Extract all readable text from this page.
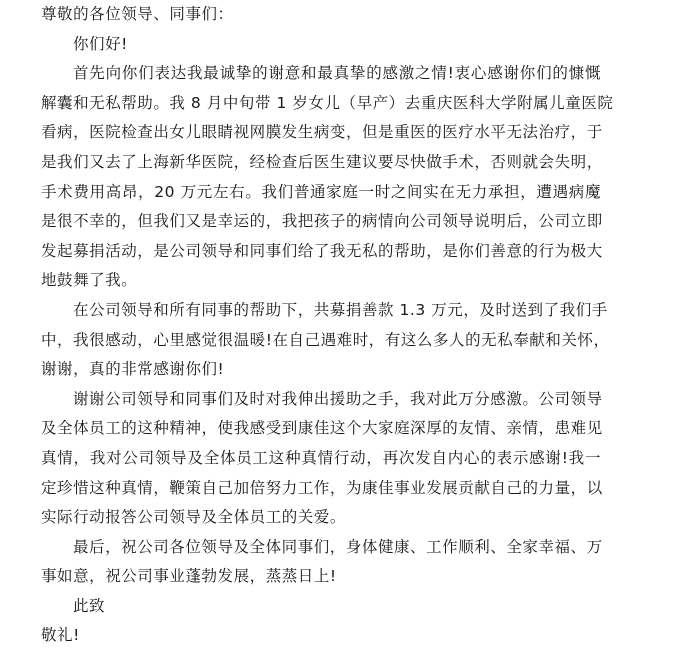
尊敬的各位领导、同事们：
你们好!
首先向你们表达我最诚挚的谢意和最真挚的感激之情!衷心感谢你们的慷慨
解囊和无私帮助。我 8 月中旬带 1 岁女儿（早产）去重庆医科大学附属儿童医院
看病，医院检查出女儿眼睛视网膜发生病变，但是重医的医疗水平无法治疗，于
是我们又去了上海新华医院，经检查后医生建议要尽快做手术，否则就会失明，
手术费用高昂，20 万元左右。我们普通家庭一时之间实在无力承担，遭遇病魔
是很不幸的，但我们又是幸运的，我把孩子的病情向公司领导说明后，公司立即
发起募捐活动，是公司领导和同事们给了我无私的帮助，是你们善意的行为极大
地鼓舞了我。
在公司领导和所有同事的帮助下，共募捐善款 1.3 万元，及时送到了我们手
中，我很感动，心里感觉很温暖!在自己遇难时，有这么多人的无私奉献和关怀，
谢谢，真的非常感谢你们!
谢谢公司领导和同事们及时对我伸出援助之手，我对此万分感激。公司领导
及全体员工的这种精神，使我感受到康佳这个大家庭深厚的友情、亲情，患难见
真情，我对公司领导及全体员工这种真情行动，再次发自内心的表示感谢!我一
定珍惜这种真情，鞭策自己加倍努力工作，为康佳事业发展贡献自己的力量，以
实际行动报答公司领导及全体员工的关爱。
最后，祝公司各位领导及全体同事们，身体健康、工作顺利、全家幸福、万
事如意，祝公司事业蓬勃发展，蒸蒸日上!
此致
敬礼!
